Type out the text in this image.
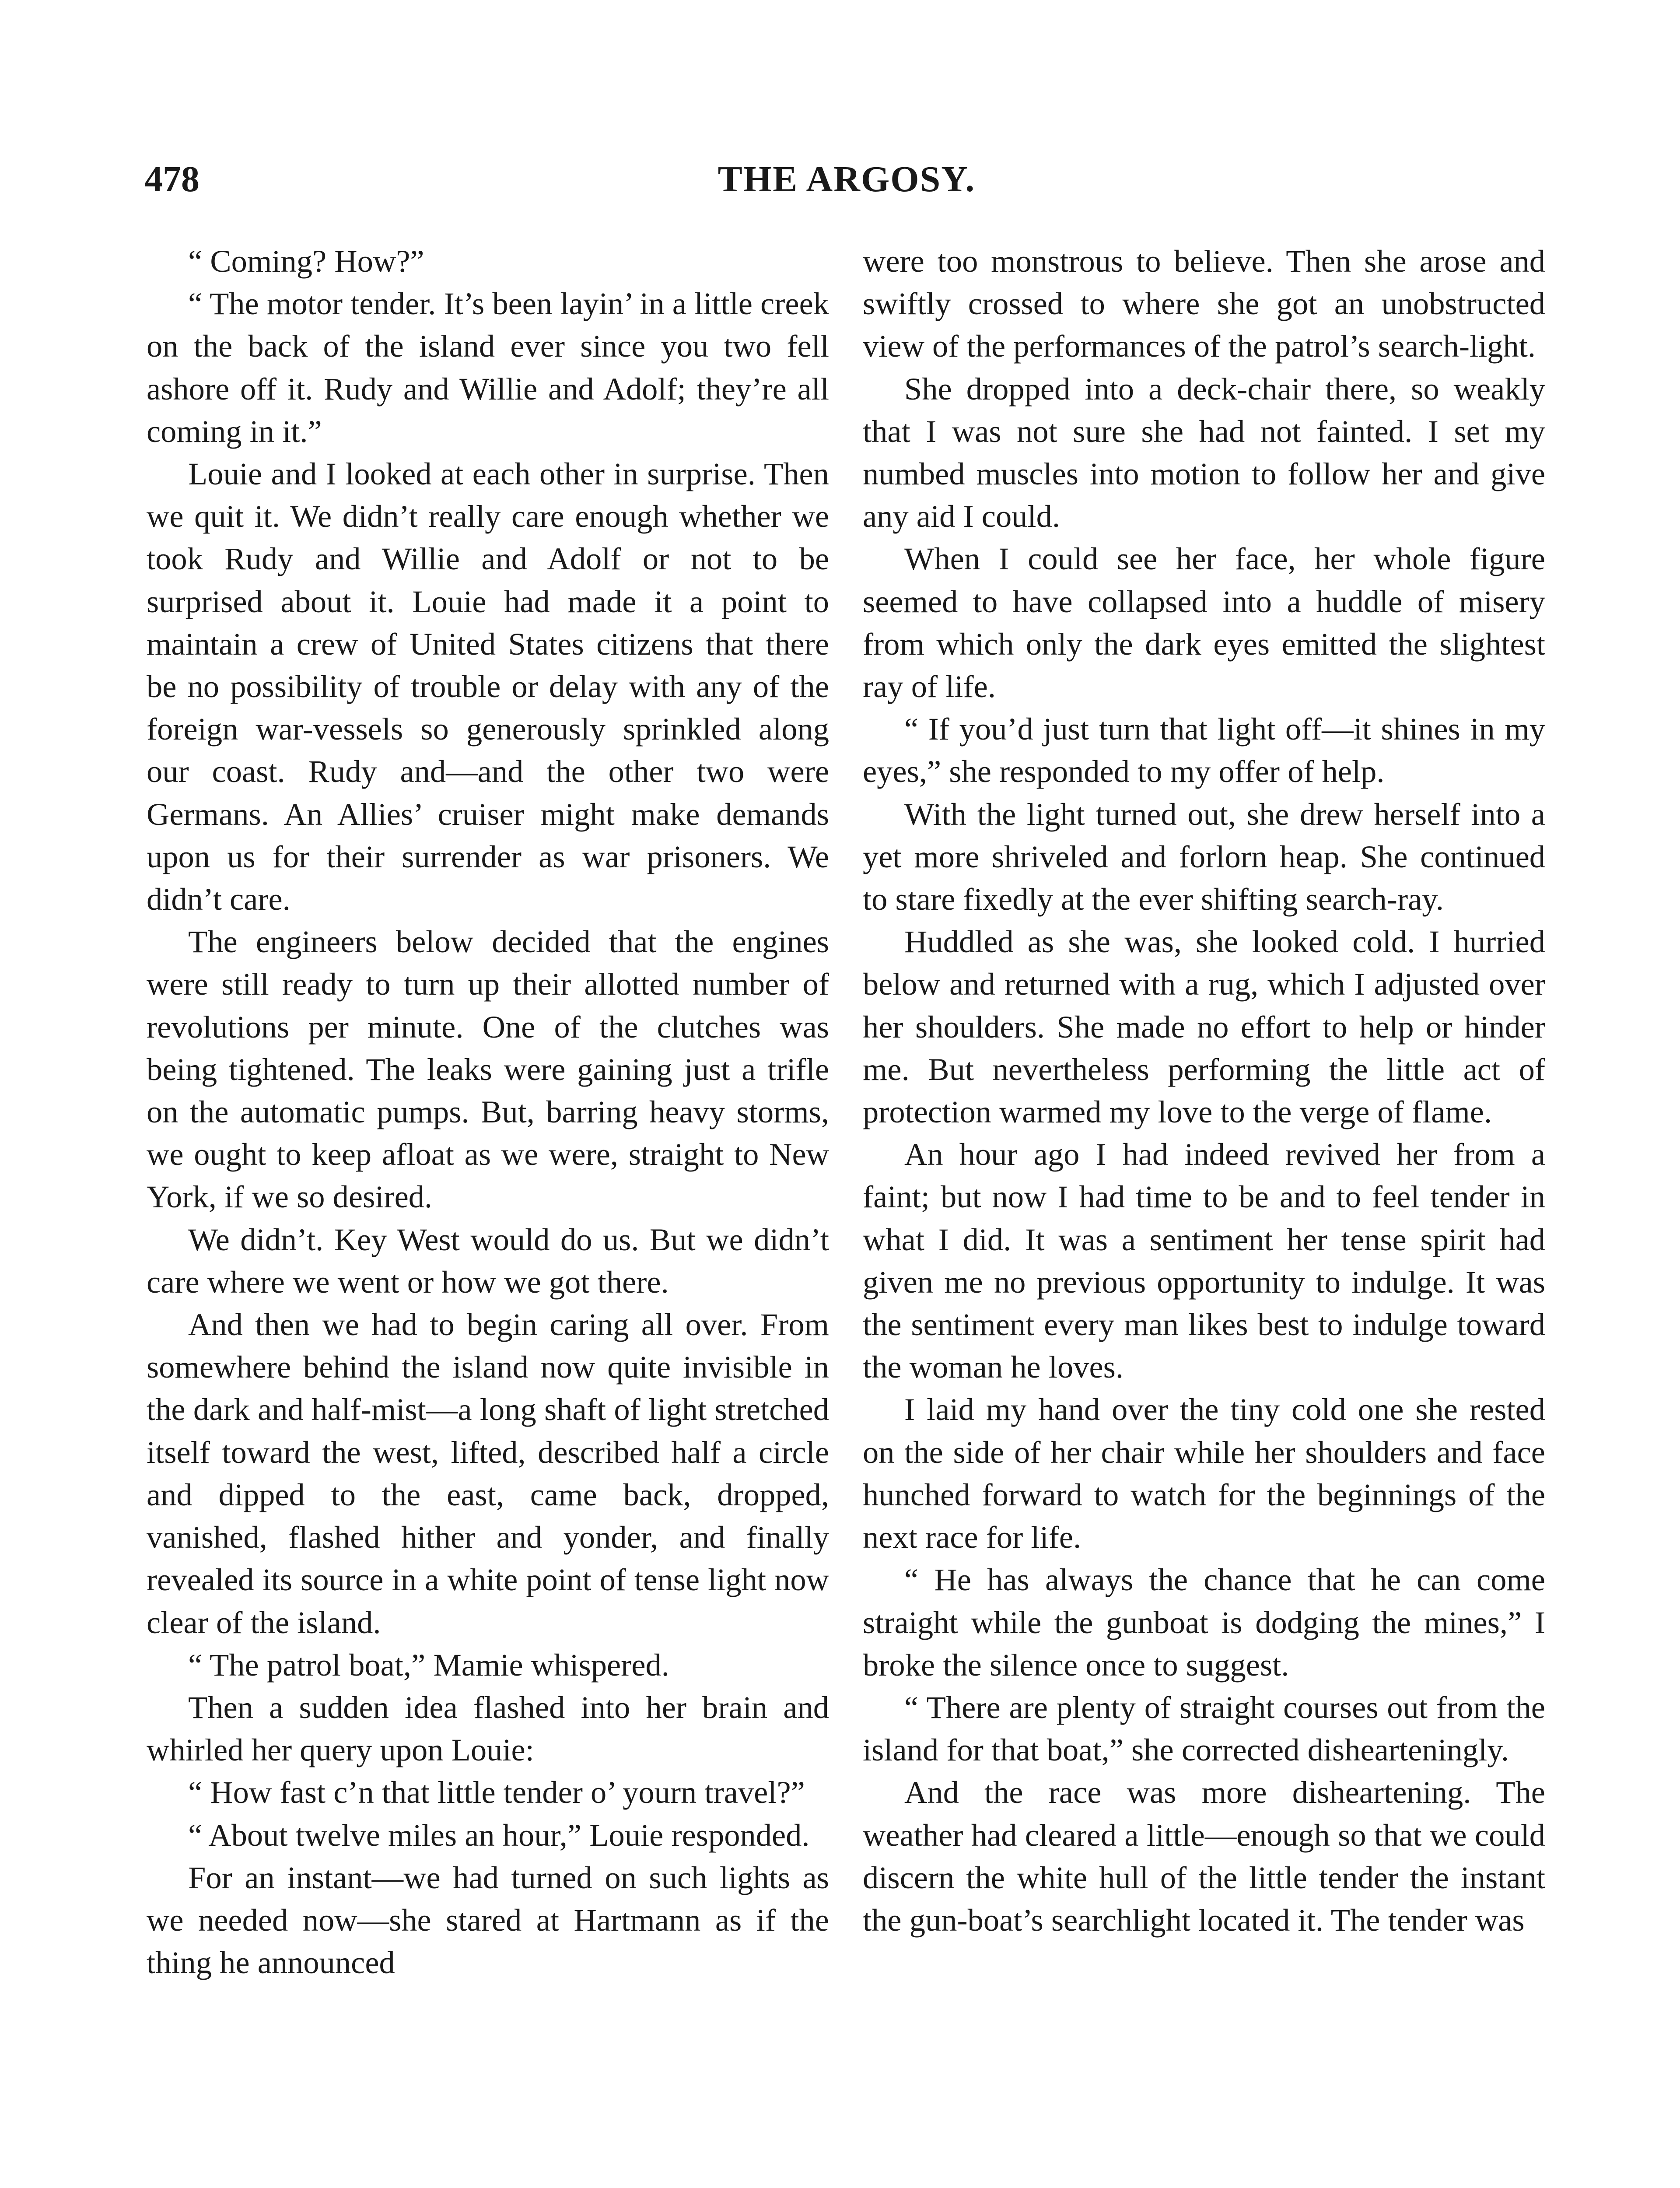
478	THE ARGOSY.

“ Coming? How?”

“ The motor tender. It’s been layin’ in a little creek on the back of the island ever since you two fell ashore off it. Rudy and Willie and Adolf; they’re all coming in it.”

Louie and I looked at each other in surprise. Then we quit it. We didn’t really care enough whether we took Rudy and Willie and Adolf or not to be surprised about it. Louie had made it a point to maintain a crew of United States citizens that there be no possibility of trouble or delay with any of the foreign war-vessels so generously sprinkled along our coast. Rudy and—and the other two were Germans. An Allies’ cruiser might make demands upon us for their surrender as war prisoners. We didn’t care.

The engineers below decided that the engines were still ready to turn up their allotted number of revolutions per minute. One of the clutches was being tightened. The leaks were gaining just a trifle on the automatic pumps. But, barring heavy storms, we ought to keep afloat as we were, straight to New York, if we so desired.

We didn’t. Key West would do us. But we didn’t care where we went or how we got there.

And then we had to begin caring all over. From somewhere behind the island now quite invisible in the dark and half-mist—a long shaft of light stretched itself toward the west, lifted, described half a circle and dipped to the east, came back, dropped, vanished, flashed hither and yonder, and finally revealed its source in a white point of tense light now clear of the island.

“ The patrol boat,” Mamie whispered.

Then a sudden idea flashed into her brain and whirled her query upon Louie:

“ How fast c’n that little tender o’ yourn travel?”

“ About twelve miles an hour,” Louie responded.

For an instant—we had turned on such lights as we needed now—she stared at Hartmann as if the thing he announced

were too monstrous to believe. Then she arose and swiftly crossed to where she got an unobstructed view of the performances of the patrol’s search-light.

She dropped into a deck-chair there, so weakly that I was not sure she had not fainted. I set my numbed muscles into motion to follow her and give any aid I could.

When I could see her face, her whole figure seemed to have collapsed into a huddle of misery from which only the dark eyes emitted the slightest ray of life.

“ If you’d just turn that light off—it shines in my eyes,” she responded to my offer of help.

With the light turned out, she drew herself into a yet more shriveled and forlorn heap. She continued to stare fixedly at the ever shifting search-ray.

Huddled as she was, she looked cold. I hurried below and returned with a rug, which I adjusted over her shoulders. She made no effort to help or hinder me. But nevertheless performing the little act of protection warmed my love to the verge of flame.

An hour ago I had indeed revived her from a faint; but now I had time to be and to feel tender in what I did. It was a sentiment her tense spirit had given me no previous opportunity to indulge. It was the sentiment every man likes best to indulge toward the woman he loves.

I laid my hand over the tiny cold one she rested on the side of her chair while her shoulders and face hunched forward to watch for the beginnings of the next race for life.

“ He has always the chance that he can come straight while the gunboat is dodging the mines,” I broke the silence once to suggest.

“ There are plenty of straight courses out from the island for that boat,” she corrected dishearteningly.

And the race was more disheartening. The weather had cleared a little—enough so that we could discern the white hull of the little tender the instant the gun-boat’s searchlight located it. The tender was
